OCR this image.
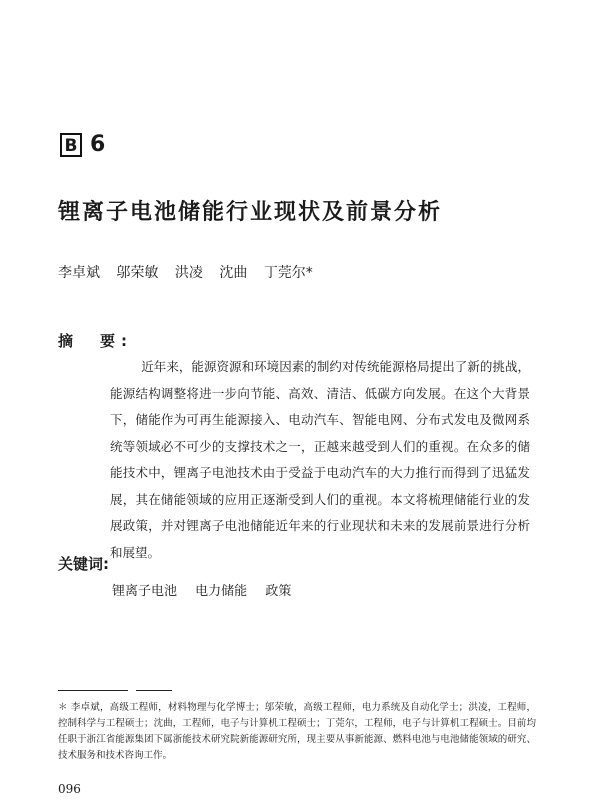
B 6
锂离子电池储能行业现状及前景分析
李卓斌 邬荣敏 洪凌 沈曲 丁莞尔*
摘　要:

近年来，能源资源和环境因素的制约对传统能源格局提出了新的挑战，能源结构调整将进一步向节能、高效、清洁、低碳方向发展。在这个大背景下，储能作为可再生能源接入、电动汽车、智能电网、分布式发电及微网系统等领域必不可少的支撑技术之一，正越来越受到人们的重视。在众多的储能技术中，锂离子电池技术由于受益于电动汽车的大力推行而得到了迅猛发展，其在储能领域的应用正逐渐受到人们的重视。本文将梳理储能行业的发展政策，并对锂离子电池储能近年来的行业现状和未来的发展前景进行分析和展望。

关键词:
锂离子电池 电力储能 政策

＊ 李卓斌，高级工程师，材料物理与化学博士；邬荣敏，高级工程师，电力系统及自动化学士；洪凌，工程师，控制科学与工程硕士；沈曲，工程师，电子与计算机工程硕士；丁莞尔，工程师，电子与计算机工程硕士。目前均任职于浙江省能源集团下属浙能技术研究院新能源研究所，现主要从事新能源、燃料电池与电池储能领域的研究、技术服务和技术咨询工作。

096
